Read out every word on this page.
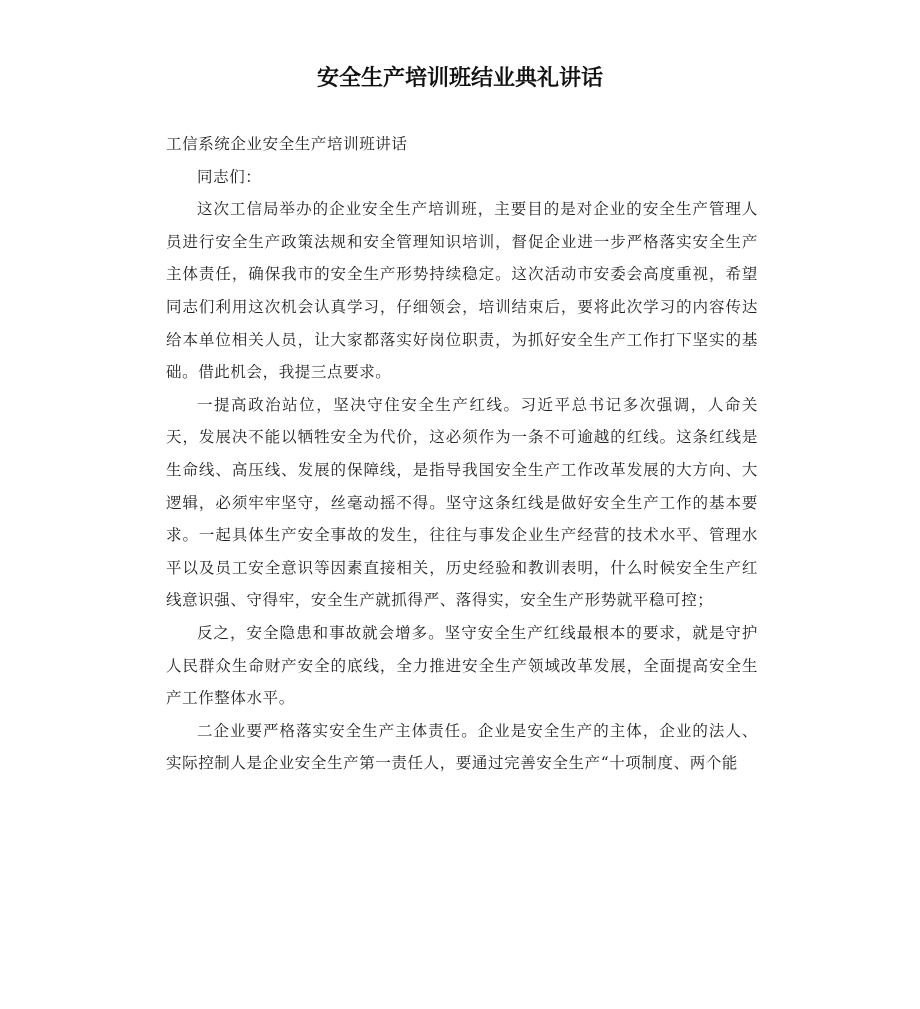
安全生产培训班结业典礼讲话

工信系统企业安全生产培训班讲话

同志们：

这次工信局举办的企业安全生产培训班，主要目的是对企业的安全生产管理人员进行安全生产政策法规和安全管理知识培训，督促企业进一步严格落实安全生产主体责任，确保我市的安全生产形势持续稳定。这次活动市安委会高度重视，希望同志们利用这次机会认真学习，仔细领会，培训结束后，要将此次学习的内容传达给本单位相关人员，让大家都落实好岗位职责，为抓好安全生产工作打下坚实的基础。借此机会，我提三点要求。

一提高政治站位，坚决守住安全生产红线。习近平总书记多次强调，人命关天，发展决不能以牺牲安全为代价，这必须作为一条不可逾越的红线。这条红线是生命线、高压线、发展的保障线，是指导我国安全生产工作改革发展的大方向、大逻辑，必须牢牢坚守，丝毫动摇不得。坚守这条红线是做好安全生产工作的基本要求。一起具体生产安全事故的发生，往往与事发企业生产经营的技术水平、管理水平以及员工安全意识等因素直接相关，历史经验和教训表明，什么时候安全生产红线意识强、守得牢，安全生产就抓得严、落得实，安全生产形势就平稳可控；

反之，安全隐患和事故就会增多。坚守安全生产红线最根本的要求，就是守护人民群众生命财产安全的底线，全力推进安全生产领域改革发展，全面提高安全生产工作整体水平。

二企业要严格落实安全生产主体责任。企业是安全生产的主体，企业的法人、实际控制人是企业安全生产第一责任人，要通过完善安全生产“十项制度、两个能
